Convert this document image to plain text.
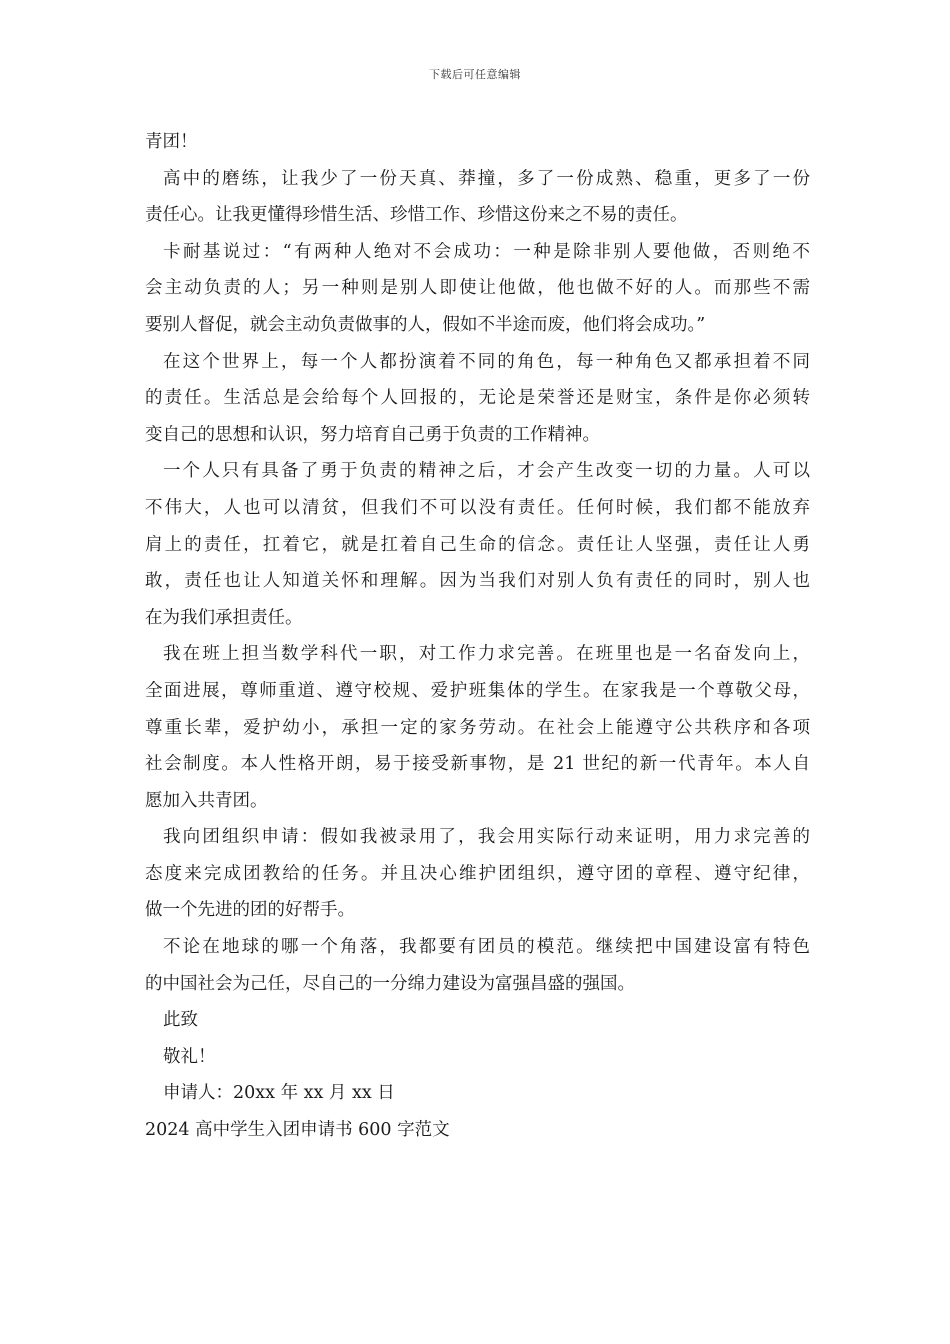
下载后可任意编辑
青团！
高中的磨练，让我少了一份天真、莽撞，多了一份成熟、稳重，更多了一份
责任心。让我更懂得珍惜生活、珍惜工作、珍惜这份来之不易的责任。
卡耐基说过：“有两种人绝对不会成功：一种是除非别人要他做，否则绝不
会主动负责的人；另一种则是别人即使让他做，他也做不好的人。而那些不需
要别人督促，就会主动负责做事的人，假如不半途而废，他们将会成功。”
在这个世界上，每一个人都扮演着不同的角色，每一种角色又都承担着不同
的责任。生活总是会给每个人回报的，无论是荣誉还是财宝，条件是你必须转
变自己的思想和认识，努力培育自己勇于负责的工作精神。
一个人只有具备了勇于负责的精神之后，才会产生改变一切的力量。人可以
不伟大，人也可以清贫，但我们不可以没有责任。任何时候，我们都不能放弃
肩上的责任，扛着它，就是扛着自己生命的信念。责任让人坚强，责任让人勇
敢，责任也让人知道关怀和理解。因为当我们对别人负有责任的同时，别人也
在为我们承担责任。
我在班上担当数学科代一职，对工作力求完善。在班里也是一名奋发向上，
全面进展，尊师重道、遵守校规、爱护班集体的学生。在家我是一个尊敬父母，
尊重长辈，爱护幼小，承担一定的家务劳动。在社会上能遵守公共秩序和各项
社会制度。本人性格开朗，易于接受新事物，是 21 世纪的新一代青年。本人自
愿加入共青团。
我向团组织申请：假如我被录用了，我会用实际行动来证明，用力求完善的
态度来完成团教给的任务。并且决心维护团组织，遵守团的章程、遵守纪律，
做一个先进的团的好帮手。
不论在地球的哪一个角落，我都要有团员的模范。继续把中国建设富有特色
的中国社会为己任，尽自己的一分绵力建设为富强昌盛的强国。
此致
敬礼！
申请人：20xx 年 xx 月 xx 日
2024 高中学生入团申请书 600 字范文
